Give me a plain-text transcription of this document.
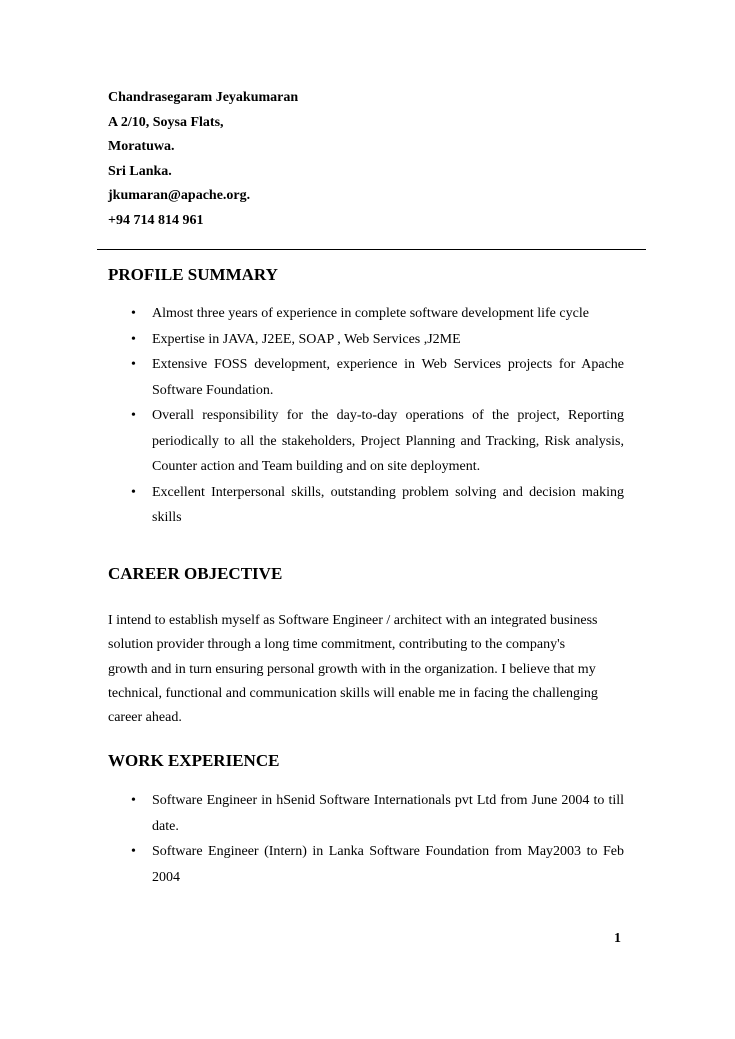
Chandrasegaram Jeyakumaran
A 2/10, Soysa Flats,
Moratuwa.
Sri Lanka.
jkumaran@apache.org.
+94 714 814 961
PROFILE SUMMARY
• Almost three years of experience in complete software development life cycle
• Expertise in JAVA, J2EE, SOAP , Web Services ,J2ME
• Extensive FOSS development, experience in Web Services projects for Apache Software Foundation.
• Overall responsibility for the day-to-day operations of the project, Reporting periodically to all the stakeholders, Project Planning and Tracking, Risk analysis, Counter action and Team building and on site deployment.
• Excellent Interpersonal skills, outstanding problem solving and decision making skills
CAREER OBJECTIVE

I intend to establish myself as Software Engineer / architect with an integrated business solution provider through a long time commitment, contributing to the company's growth and in turn ensuring personal growth with in the organization. I believe that my technical, functional and communication skills will enable me in facing the challenging career ahead.

WORK EXPERIENCE
• Software Engineer in hSenid Software Internationals pvt Ltd from June 2004 to till date.
• Software Engineer (Intern) in Lanka Software Foundation from May2003 to Feb 2004
1
